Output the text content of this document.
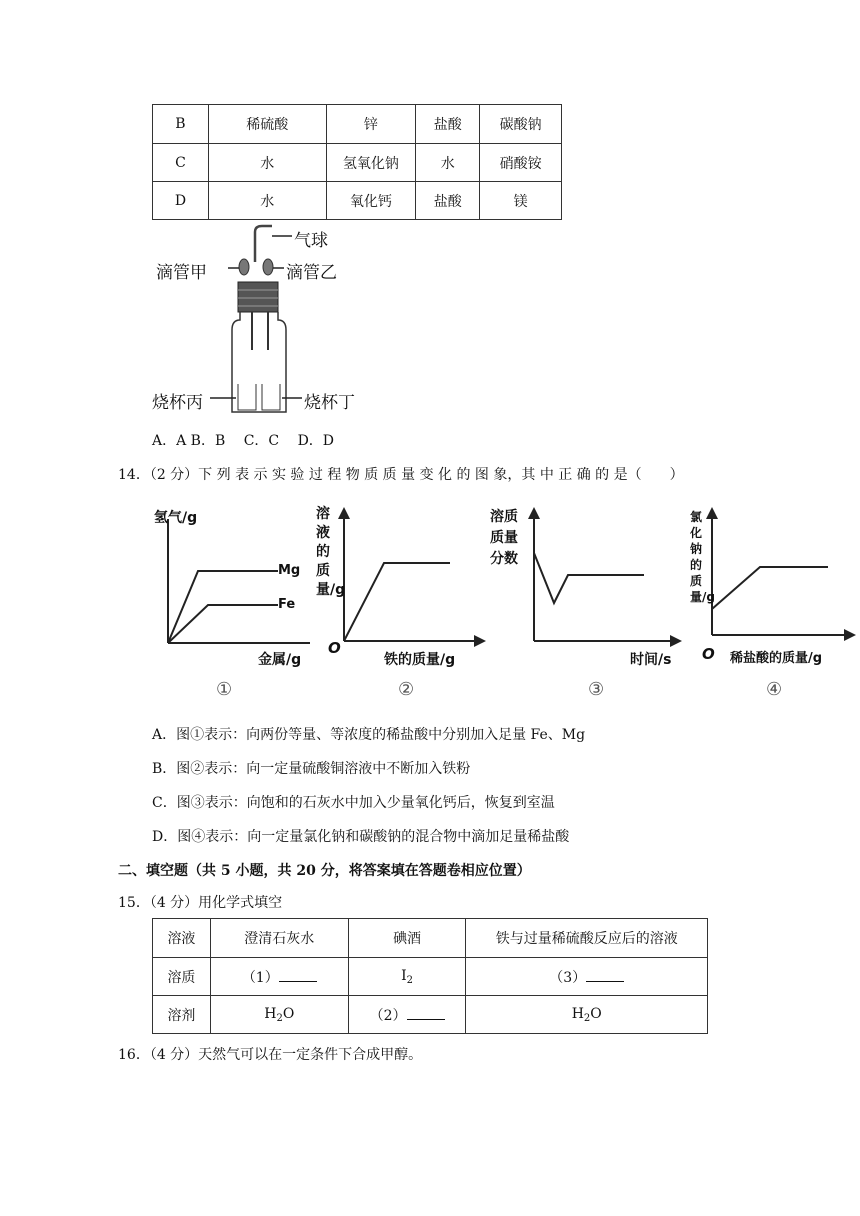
B	稀硫酸	锌	盐酸	碳酸钠
C	水	氢氧化钠	水	硝酸铵
D	水	氧化钙	盐酸	镁
气球
滴管甲	滴管乙
烧杯丙	烧杯丁
A．A B．B　 C．C　 D．D
14．（2 分）下 列 表 示 实 验 过 程 物 质 质 量 变 化 的 图 象，其 中 正 确 的 是（　　）
氢气/g
Mg
Fe
金属/g
①
溶液的质量/g
O
铁的质量/g
②
溶质质量分数
时间/s
③
氯化钠的质量/g
O 稀盐酸的质量/g
④
A．图①表示：向两份等量、等浓度的稀盐酸中分别加入足量 Fe、Mg
B．图②表示：向一定量硫酸铜溶液中不断加入铁粉
C．图③表示：向饱和的石灰水中加入少量氧化钙后，恢复到室温
D．图④表示：向一定量氯化钠和碳酸钠的混合物中滴加足量稀盐酸
二、填空题（共 5 小题，共 20 分，将答案填在答题卷相应位置）
15．（4 分）用化学式填空
溶液	澄清石灰水	碘酒	铁与过量稀硫酸反应后的溶液
溶质	（1）	$I_2$	（3）
溶剂	$H_2O$	（2）	$H_2O$
16．（4 分）天然气可以在一定条件下合成甲醇。
